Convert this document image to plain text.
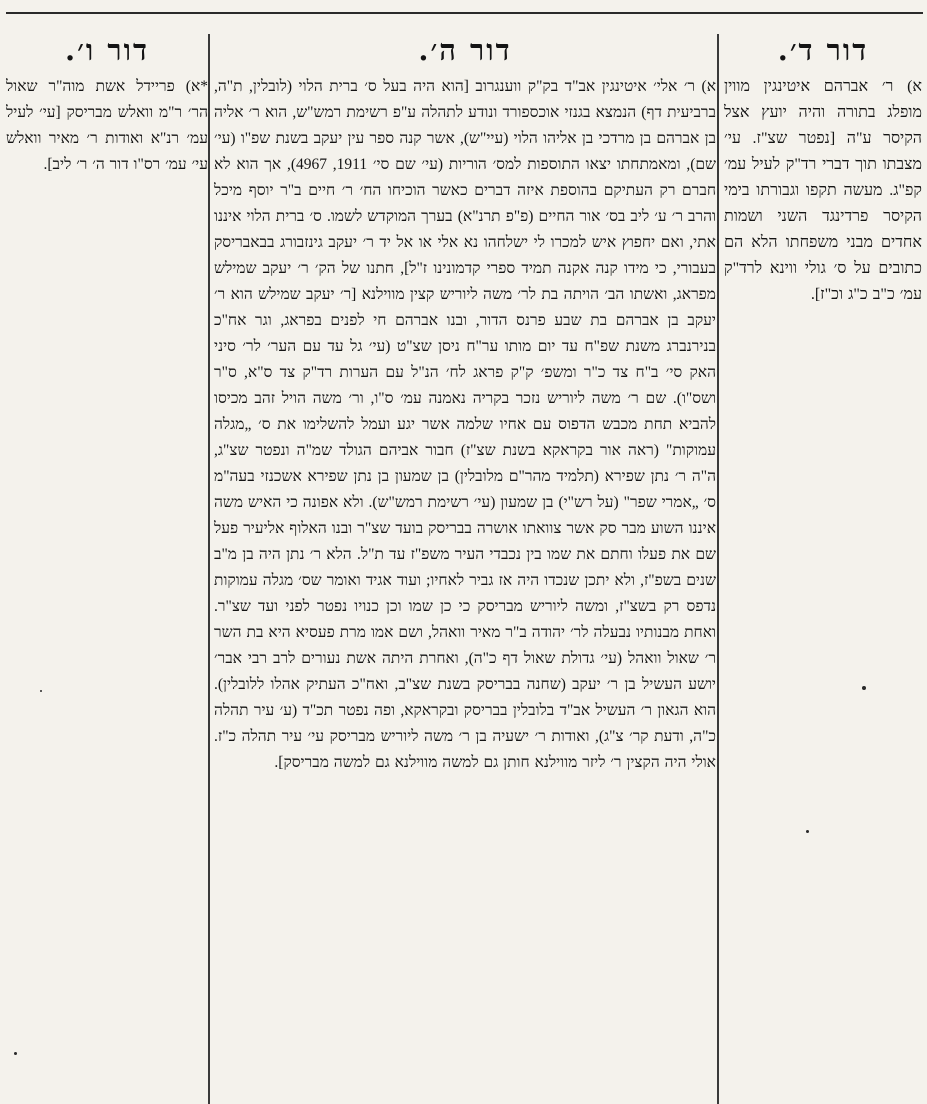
דור ד׳.

א) ר׳ אברהם איטינגין מווין מופלג בתורה והיה יועץ אצל הקיסר ע"ה [נפטר שצ"ז. עי׳ מצבתו תוך דברי רד"ק לעיל עמ׳ קפ"ג. מעשה תקפו וגבורתו בימי הקיסר פרדינגד השני ושמות אחדים מבני משפחתו הלא הם כתובים על ס׳ גולי ווינא לרד"ק עמ׳ כ"ב כ"ג וכ"ז].

דור ה׳.

א) ר׳ אלי׳ איטינגין אב"ד בק"ק ווענגרוב [הוא היה בעל ס׳ ברית הלוי (לובלין, ת"ה, ברביעית דף) הנמצא בגנזי אוכספורד ונודע לתהלה ע"פ רשימת רמש"ש, הוא ר׳ אליה בן אברהם בן מרדכי בן אליהו הלוי (עיי"ש), אשר קנה ספר עין יעקב בשנת שפ"ו (עי׳ שם), ומאמתחתו יצאו התוספות למס׳ הוריות (עי׳ שם סי׳ 1911, 4967), אך הוא לא חברם רק העתיקם בהוספת איזה דברים כאשר הוכיחו הח׳ ר׳ חיים ב"ר יוסף מיכל והרב ר׳ ע׳ ליב בס׳ אור החיים (פ"פ תרנ"א) בערך המוקדש לשמו. ס׳ ברית הלוי איננו אתי, ואם יחפוץ איש למכרו לי ישלחהו נא אלי או אל יד ר׳ יעקב גינזבורג בבאבריסק בעבורי, כי מידו קנה אקנה תמיד ספרי קדמונינו ז"ל], חתנו של הק׳ ר׳ יעקב שמילש מפראג, ואשתו הב׳ הויתה בת לר׳ משה ליוריש קצין מווילנא [ר׳ יעקב שמילש הוא ר׳ יעקב בן אברהם בת שבע פרנס הדור, ובנו אברהם חי לפנים בפראג, וגר אח"כ בנירנברג משנת שפ"ח עד יום מותו ער"ח ניסן שצ"ט (עי׳ גל עד עם הער׳ לר׳ סיני האק סי׳ ב"ח צד כ"ר ומשפ׳ ק"ק פראג לח׳ הנ"ל עם הערות רד"ק צד ס"א, ס"ר ושס"ו). שם ר׳ משה ליוריש נזכר בקריה נאמנה עמ׳ ס"ו, ור׳ משה הויל זהב מכיסו להביא תחת מכבש הדפוס עם אחיו שלמה אשר יגע ועמל להשלימו את ס׳ „מגלה עמוקות" (ראה אור בקראקא בשנת שצ"ז) חבור אביהם הגולד שמ"ה ונפטר שצ"ג, ה"ה ר׳ נתן שפירא (תלמיד מהר"ם מלובלין) בן שמעון בן נתן שפירא אשכנזי בעה"מ ס׳ „אמרי שפר" (על רש"י) בן שמעון (עי׳ רשימת רמש"ש). ולא אפונה כי האיש משה איננו השוע מבר סק אשר צוואתו אושרה בבריסק בועד שצ"ר ובנו האלוף אליעיר פעל שם את פעלו וחתם את שמו בין נכבדי העיר משפ"ז עד ת"ל. הלא ר׳ נתן היה בן מ"ב שנים בשפ"ז, ולא יתכן שנכדו היה אז גביר לאחיו; ועוד אגיד ואומר שס׳ מגלה עמוקות נדפס רק בשצ"ז, ומשה ליוריש מבריסק כי כן שמו וכן כנויו נפטר לפני ועד שצ"ר. ואחת מבנותיו נבעלה לר׳ יהודה ב"ר מאיר וואהל, ושם אמו מרת פעסיא היא בת השר ר׳ שאול וואהל (עי׳ גדולת שאול דף כ"ה), ואחרת היתה אשת נעורים לרב רבי אבר׳ יושע העשיל בן ר׳ יעקב (שחנה בבריסק בשנת שצ"ב, ואח"כ העתיק אהלו ללובלין). הוא הגאון ר׳ העשיל אב"ד בלובלין בבריסק ובקראקא, ופה נפטר תכ"ד (ע׳ עיר תהלה כ"ה, ודעת קר׳ צ"ג), ואודות ר׳ ישעיה בן ר׳ משה ליוריש מבריסק עי׳ עיר תהלה כ"ז. אולי היה הקצין ר׳ ליזר מווילנא חותן גם למשה מווילנא גם למשה מבריסק].

דור ו׳.

*א) פריידל אשת מוה"ר שאול הר׳ ר"מ וואלש מבריסק [עי׳ לעיל עמ׳ רנ"א ואודות ר׳ מאיר וואלש עי׳ עמ׳ רס"ו דור ה׳ ר׳ ליב].
